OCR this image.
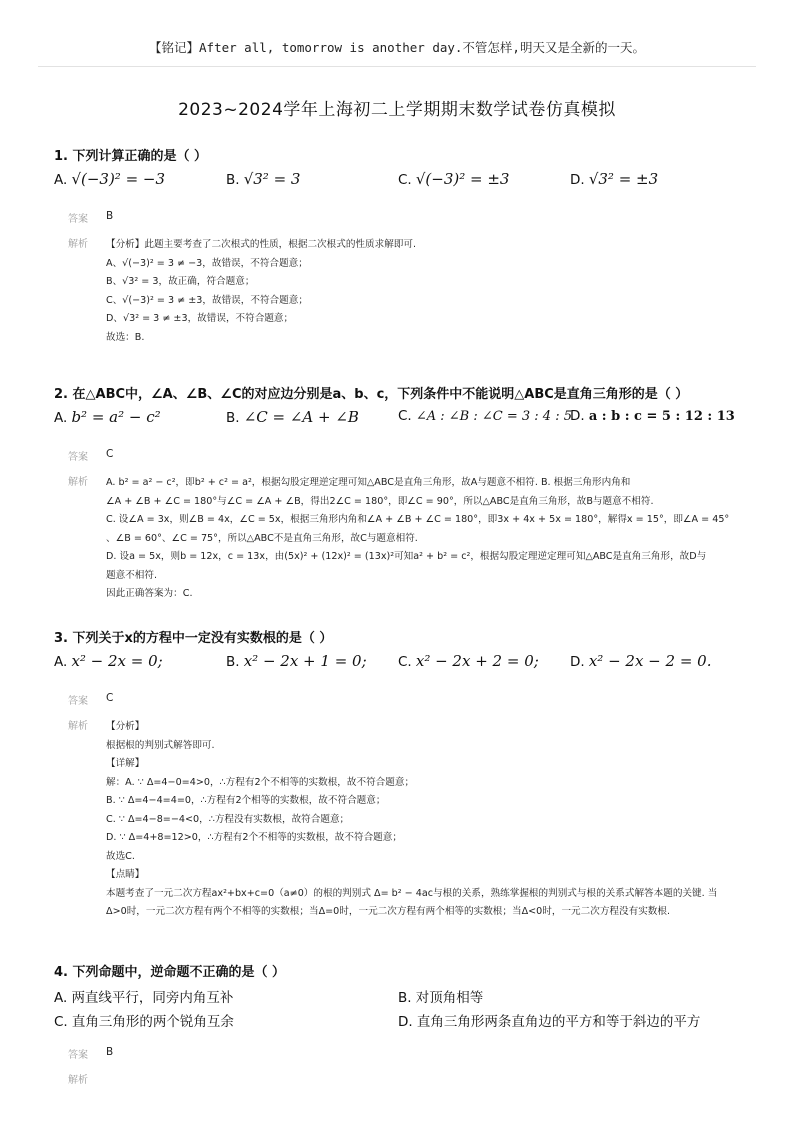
【铭记】After all, tomorrow is another day.不管怎样,明天又是全新的一天。
2023~2024学年上海初二上学期期末数学试卷仿真模拟
1. 下列计算正确的是（ ）
A. √(−3)² = −3	B. √3² = 3	C. √(−3)² = ±3	D. √3² = ±3
答案 B
解析 【分析】此题主要考查了二次根式的性质，根据二次根式的性质求解即可.
A、√(−3)² = 3 ≠ −3，故错误，不符合题意；
B、√3² = 3，故正确，符合题意；
C、√(−3)² = 3 ≠ ±3，故错误，不符合题意；
D、√3² = 3 ≠ ±3，故错误，不符合题意；
故选：B.
2. 在△ABC中，∠A、∠B、∠C的对应边分别是a、b、c，下列条件中不能说明△ABC是直角三角形的是（ ）
A. b² = a² − c²	B. ∠C = ∠A + ∠B	C. ∠A : ∠B : ∠C = 3 : 4 : 5
D. a : b : c = 5 : 12 : 13
答案 C
解析 A. b² = a² − c²，即b² + c² = a²，根据勾股定理逆定理可知△ABC是直角三角形，故A与题意不相符. B. 根据三角形内角和
∠A + ∠B + ∠C = 180°与∠C = ∠A + ∠B，得出2∠C = 180°，即∠C = 90°，所以△ABC是直角三角形，故B与题意不相符.
C. 设∠A = 3x，则∠B = 4x，∠C = 5x，根据三角形内角和∠A + ∠B + ∠C = 180°，即3x + 4x + 5x = 180°，解得x = 15°，即∠A = 45°
、∠B = 60°、∠C = 75°，所以△ABC不是直角三角形，故C与题意相符.
D. 设a = 5x，则b = 12x，c = 13x，由(5x)² + (12x)² = (13x)²可知a² + b² = c²，根据勾股定理逆定理可知△ABC是直角三角形，故D与
题意不相符.
因此正确答案为：C.
3. 下列关于x的方程中一定没有实数根的是（ ）
A. x² − 2x = 0;	B. x² − 2x + 1 = 0; C. x² − 2x + 2 = 0; D. x² − 2x − 2 = 0.
答案 C
解析 【分析】
根据根的判别式解答即可.
【详解】
解：A. ∵ Δ=4−0=4>0，∴方程有2个不相等的实数根，故不符合题意；
B. ∵ Δ=4−4=4=0，∴方程有2个相等的实数根，故不符合题意；
C. ∵ Δ=4−8=−4<0，∴方程没有实数根，故符合题意；
D. ∵ Δ=4+8=12>0，∴方程有2个不相等的实数根，故不符合题意；
故选C.
【点睛】
本题考查了一元二次方程ax²+bx+c=0（a≠0）的根的判别式 Δ= b² − 4ac与根的关系，熟练掌握根的判别式与根的关系式解答本题的关键. 当Δ>0时，一元二次方程有两个不相等的实数根；当Δ=0时，一元二次方程有两个相等的实数根；当Δ<0时，一元二次方程没有实数根.
4. 下列命题中，逆命题不正确的是（ ）
A. 两直线平行，同旁内角互补	B. 对顶角相等
C. 直角三角形的两个锐角互余	D. 直角三角形两条直角边的平方和等于斜边的平方
答案 B
解析
